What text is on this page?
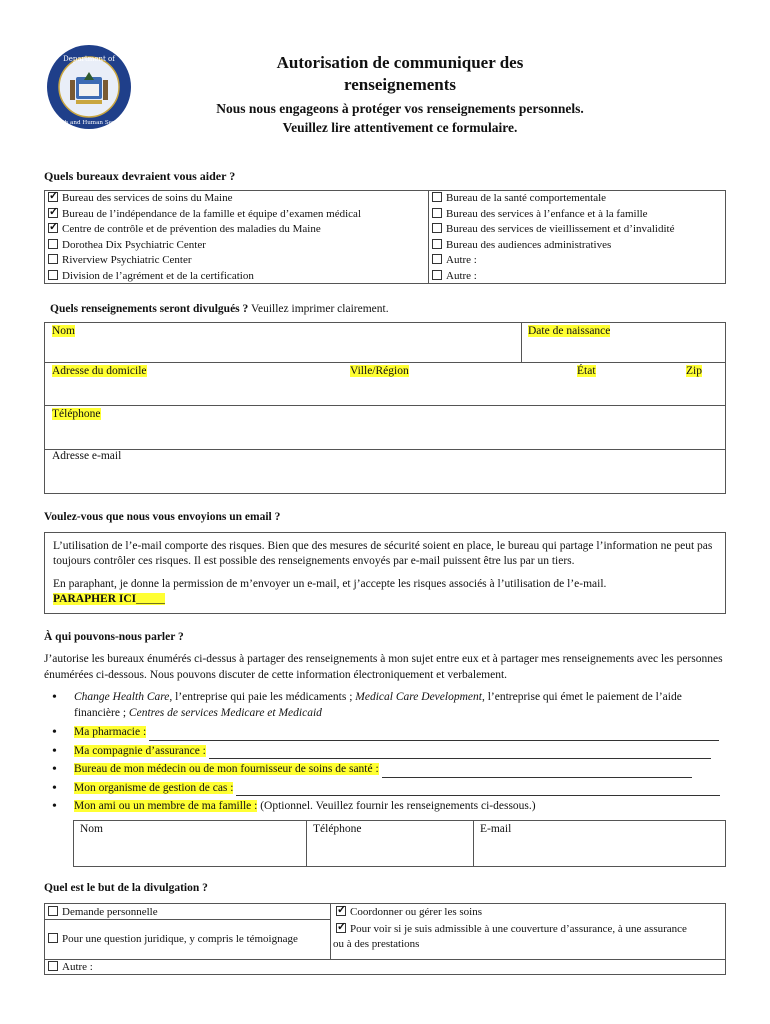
Department of
Health and Human Services
Autorisation de communiquer des
renseignements
Nous nous engageons à protéger vos renseignements personnels.
Veuillez lire attentivement ce formulaire.
Quels bureaux devraient vous aider ?
✓Bureau des services de soins du Maine
✓Bureau de l’indépendance de la famille et équipe d’examen médical
✓Centre de contrôle et de prévention des maladies du Maine
Dorothea Dix Psychiatric Center
Riverview Psychiatric Center
Division de l’agrément et de la certification
Bureau de la santé comportementale
Bureau des services à l’enfance et à la famille
Bureau des services de vieillissement et d’invalidité
Bureau des audiences administratives
Autre :
Autre :
Quels renseignements seront divulgués ? Veuillez imprimer clairement.
Nom	Date de naissance
Adresse du domicile	Ville/Région	État	Zip
Téléphone
Adresse e-mail
Voulez-vous que nous vous envoyions un email ?

L’utilisation de l’e-mail comporte des risques. Bien que des mesures de sécurité soient en place, le bureau qui partage l’information ne peut pas toujours contrôler ces risques. Il est possible des renseignements envoyés par e-mail puissent être lus par un tiers.

En paraphant, je donne la permission de m’envoyer un e-mail, et j’accepte les risques associés à l’utilisation de l’e-mail.

PARAPHER ICI_____
À qui pouvons-nous parler ?
J’autorise les bureaux énumérés ci-dessus à partager des renseignements à mon sujet entre eux et à partager mes renseignements avec les personnes énumérées ci-dessous. Nous pouvons discuter de cette information électroniquement et verbalement.
• Change Health Care, l’entreprise qui paie les médicaments ; Medical Care Development, l’entreprise qui émet le paiement de l’aide financière ; Centres de services Medicare et Medicaid
• Ma pharmacie :
• Ma compagnie d’assurance :
• Bureau de mon médecin ou de mon fournisseur de soins de santé :
• Mon organisme de gestion de cas :
• Mon ami ou un membre de ma famille : (Optionnel. Veuillez fournir les renseignements ci-dessous.)
Nom	Téléphone	E-mail
Quel est le but de la divulgation ?
Demande personnelle
Pour une question juridique, y compris le témoignage
✓Coordonner ou gérer les soins
✓Pour voir si je suis admissible à une couverture d’assurance, à une assurance
ou à des prestations
Autre :
